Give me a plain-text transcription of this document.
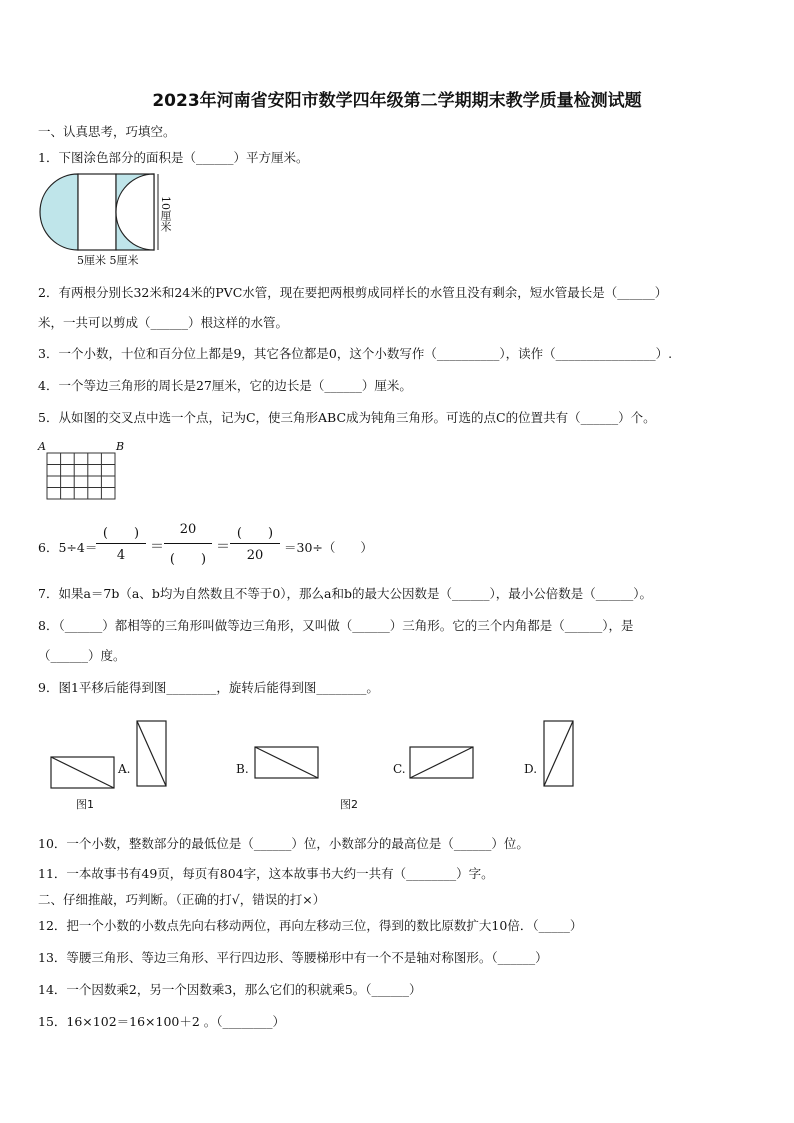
2023年河南省安阳市数学四年级第二学期期末教学质量检测试题
一、认真思考，巧填空。
1．下图涂色部分的面积是（______）平方厘米。
5厘米 5厘米
10厘米
2．有两根分别长32米和24米的PVC水管，现在要把两根剪成同样长的水管且没有剩余，短水管最长是（______）
米，一共可以剪成（______）根这样的水管。
3．一个小数，十位和百分位上都是9，其它各位都是0，这个小数写作（__________），读作（________________）.
4．一个等边三角形的周长是27厘米，它的边长是（______）厘米。
5．从如图的交叉点中选一个点，记为C，使三角形ABC成为钝角三角形。可选的点C的位置共有（______）个。
A	B
6．5÷4＝
(　　)
4
＝
20
(　　)
＝
(　　)
20
＝30÷（　　）
7．如果a＝7b（a、b均为自然数且不等于0），那么a和b的最大公因数是（______），最小公倍数是（______）。
8．（______）都相等的三角形叫做等边三角形，又叫做（______）三角形。它的三个内角都是（______），是
（______）度。
9．图1平移后能得到图________，旋转后能得到图________。
A.	B.	C.	D.
图1	图2
10．一个小数，整数部分的最低位是（______）位，小数部分的最高位是（______）位。
11．一本故事书有49页，每页有804字，这本故事书大约一共有（________）字。
二、仔细推敲，巧判断。（正确的打√，错误的打×）
12．把一个小数的小数点先向右移动两位，再向左移动三位，得到的数比原数扩大10倍．（_____）
13．等腰三角形、等边三角形、平行四边形、等腰梯形中有一个不是轴对称图形。（______）
14．一个因数乘2，另一个因数乘3，那么它们的积就乘5。（______）
15．16×102＝16×100＋2 。（________）
